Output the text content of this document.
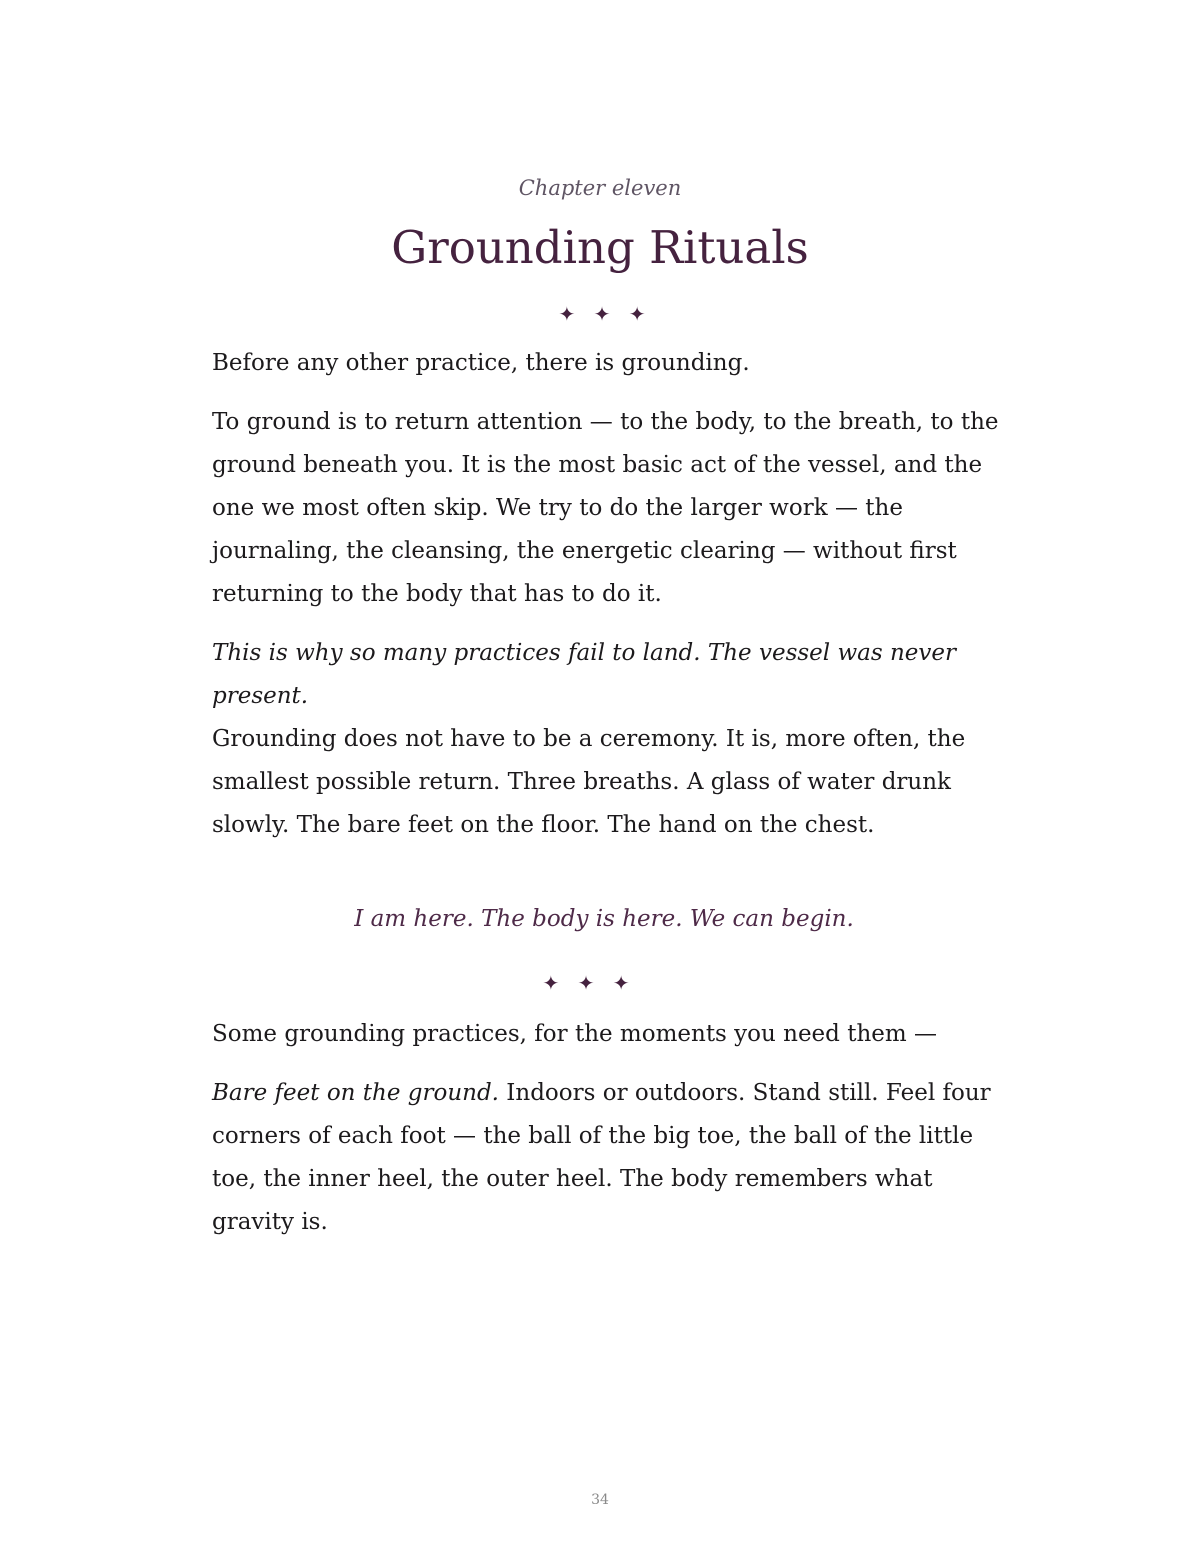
Chapter eleven
Grounding Rituals
✦ ✦ ✦

Before any other practice, there is grounding.

To ground is to return attention — to the body, to the breath, to the ground beneath you. It is the most basic act of the vessel, and the one we most often skip. We try to do the larger work — the journaling, the cleansing, the energetic clearing — without first returning to the body that has to do it.

This is why so many practices fail to land. The vessel was never present.

Grounding does not have to be a ceremony. It is, more often, the smallest possible return. Three breaths. A glass of water drunk slowly. The bare feet on the floor. The hand on the chest.

I am here. The body is here. We can begin.
✦ ✦ ✦

Some grounding practices, for the moments you need them —

Bare feet on the ground. Indoors or outdoors. Stand still. Feel four corners of each foot — the ball of the big toe, the ball of the little toe, the inner heel, the outer heel. The body remembers what gravity is.

34
